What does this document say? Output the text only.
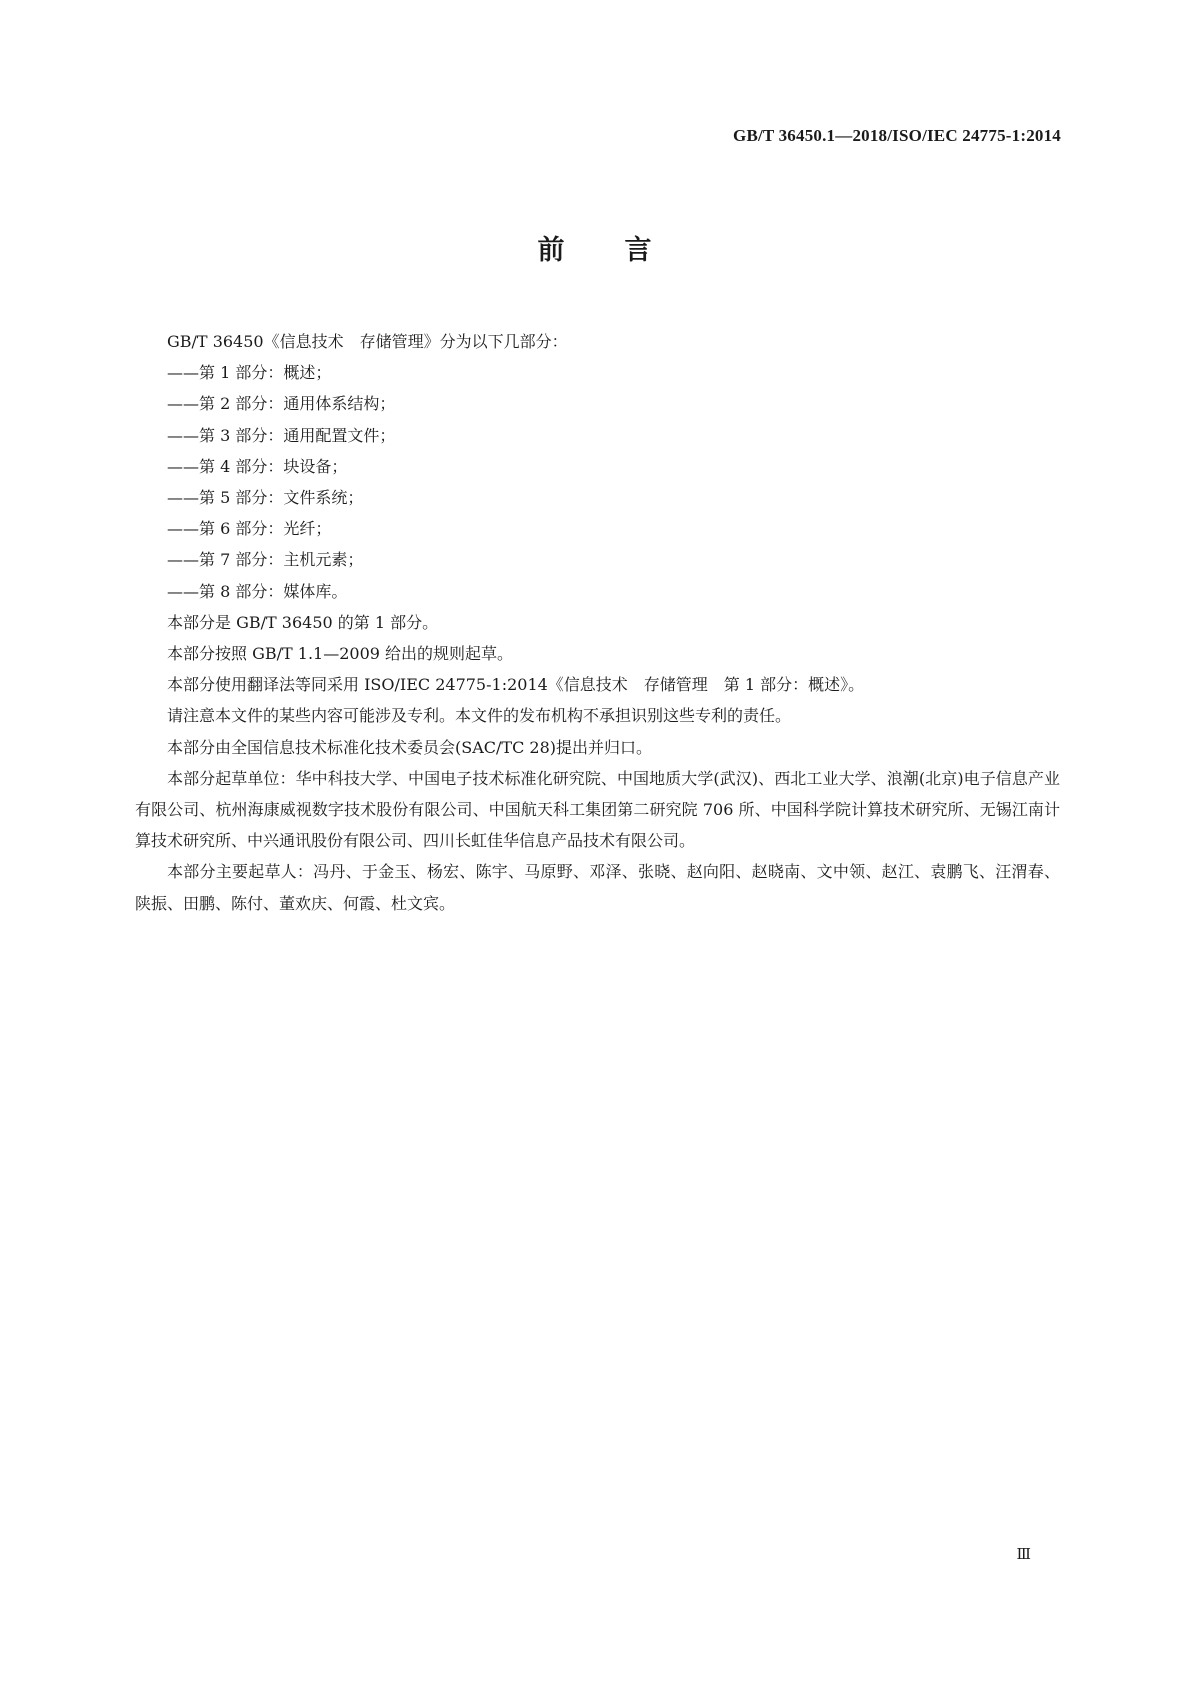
GB/T 36450.1—2018/ISO/IEC 24775-1:2014
前 言

GB/T 36450《信息技术　存储管理》分为以下几部分：

——第 1 部分：概述；

——第 2 部分：通用体系结构；

——第 3 部分：通用配置文件；

——第 4 部分：块设备；

——第 5 部分：文件系统；

——第 6 部分：光纤；

——第 7 部分：主机元素；

——第 8 部分：媒体库。

本部分是 GB/T 36450 的第 1 部分。

本部分按照 GB/T 1.1—2009 给出的规则起草。

本部分使用翻译法等同采用 ISO/IEC 24775-1:2014《信息技术　存储管理　第 1 部分：概述》。

请注意本文件的某些内容可能涉及专利。本文件的发布机构不承担识别这些专利的责任。

本部分由全国信息技术标准化技术委员会(SAC/TC 28)提出并归口。

本部分起草单位：华中科技大学、中国电子技术标准化研究院、中国地质大学(武汉)、西北工业大学、浪潮(北京)电子信息产业有限公司、杭州海康威视数字技术股份有限公司、中国航天科工集团第二研究院 706 所、中国科学院计算技术研究所、无锡江南计算技术研究所、中兴通讯股份有限公司、四川长虹佳华信息产品技术有限公司。

本部分主要起草人：冯丹、于金玉、杨宏、陈宇、马原野、邓泽、张晓、赵向阳、赵晓南、文中领、赵江、袁鹏飞、汪渭春、陕振、田鹏、陈付、董欢庆、何霞、杜文宾。

Ⅲ
